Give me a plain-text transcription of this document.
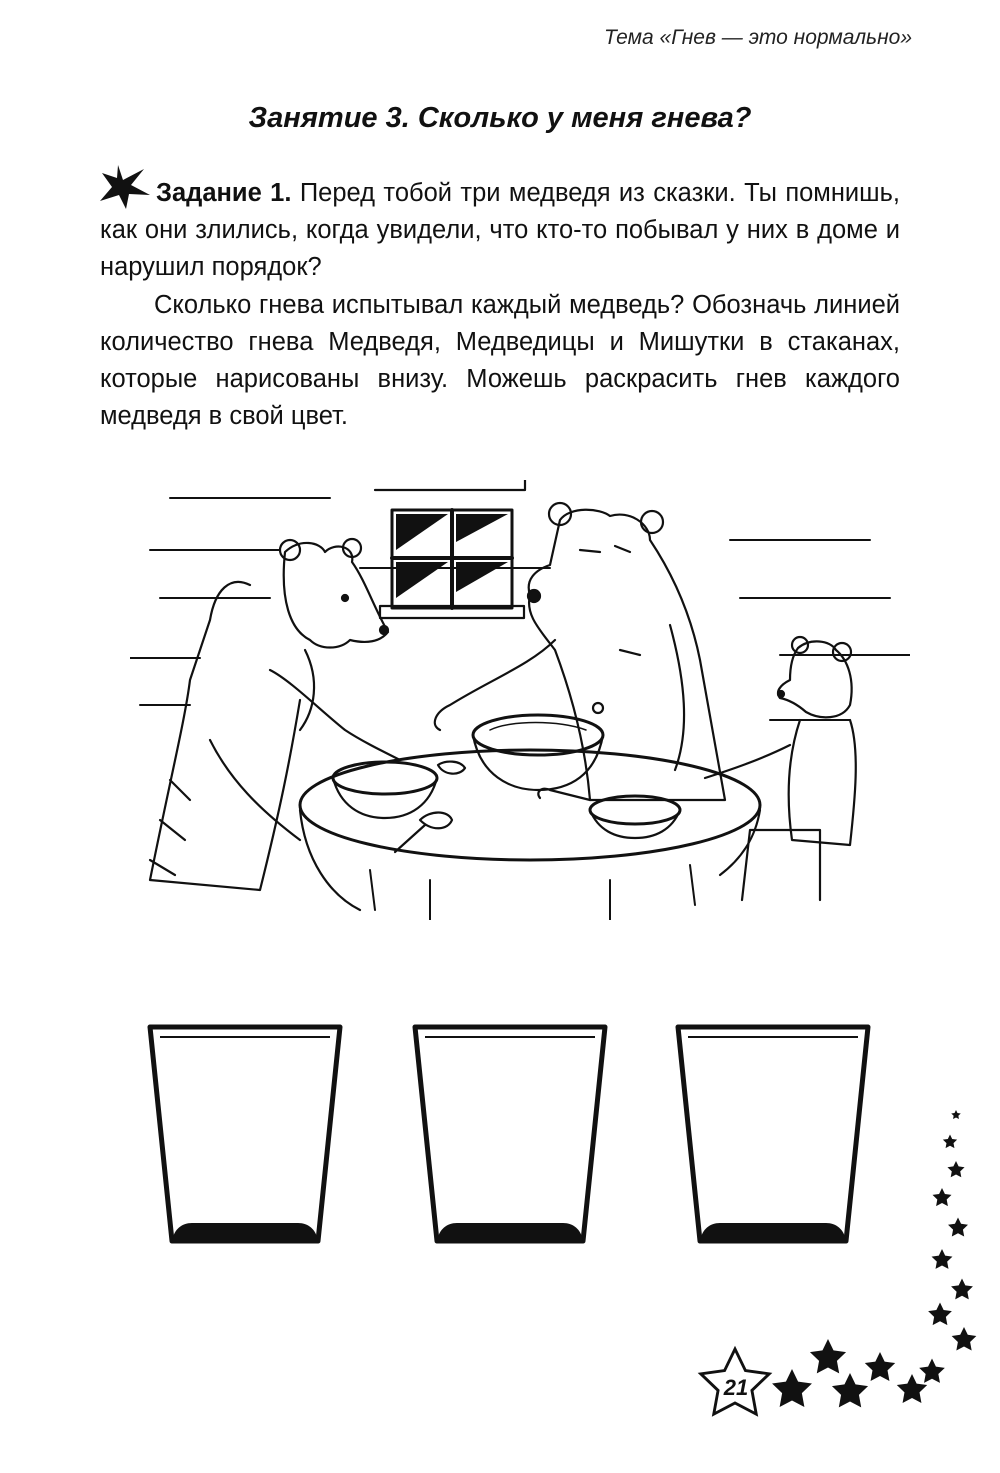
Тема «Гнев — это нормально»
Занятие 3. Сколько у меня гнева?

Задание 1. Перед тобой три медведя из сказки. Ты помнишь, как они злились, когда увидели, что кто-то побывал у них в доме и нарушил порядок?

Сколько гнева испытывал каждый медведь? Обозначь линией количество гнева Медведя, Медведицы и Мишутки в стаканах, которые нарисованы внизу. Можешь раскрасить гнев каждого медведя в свой цвет.

21
